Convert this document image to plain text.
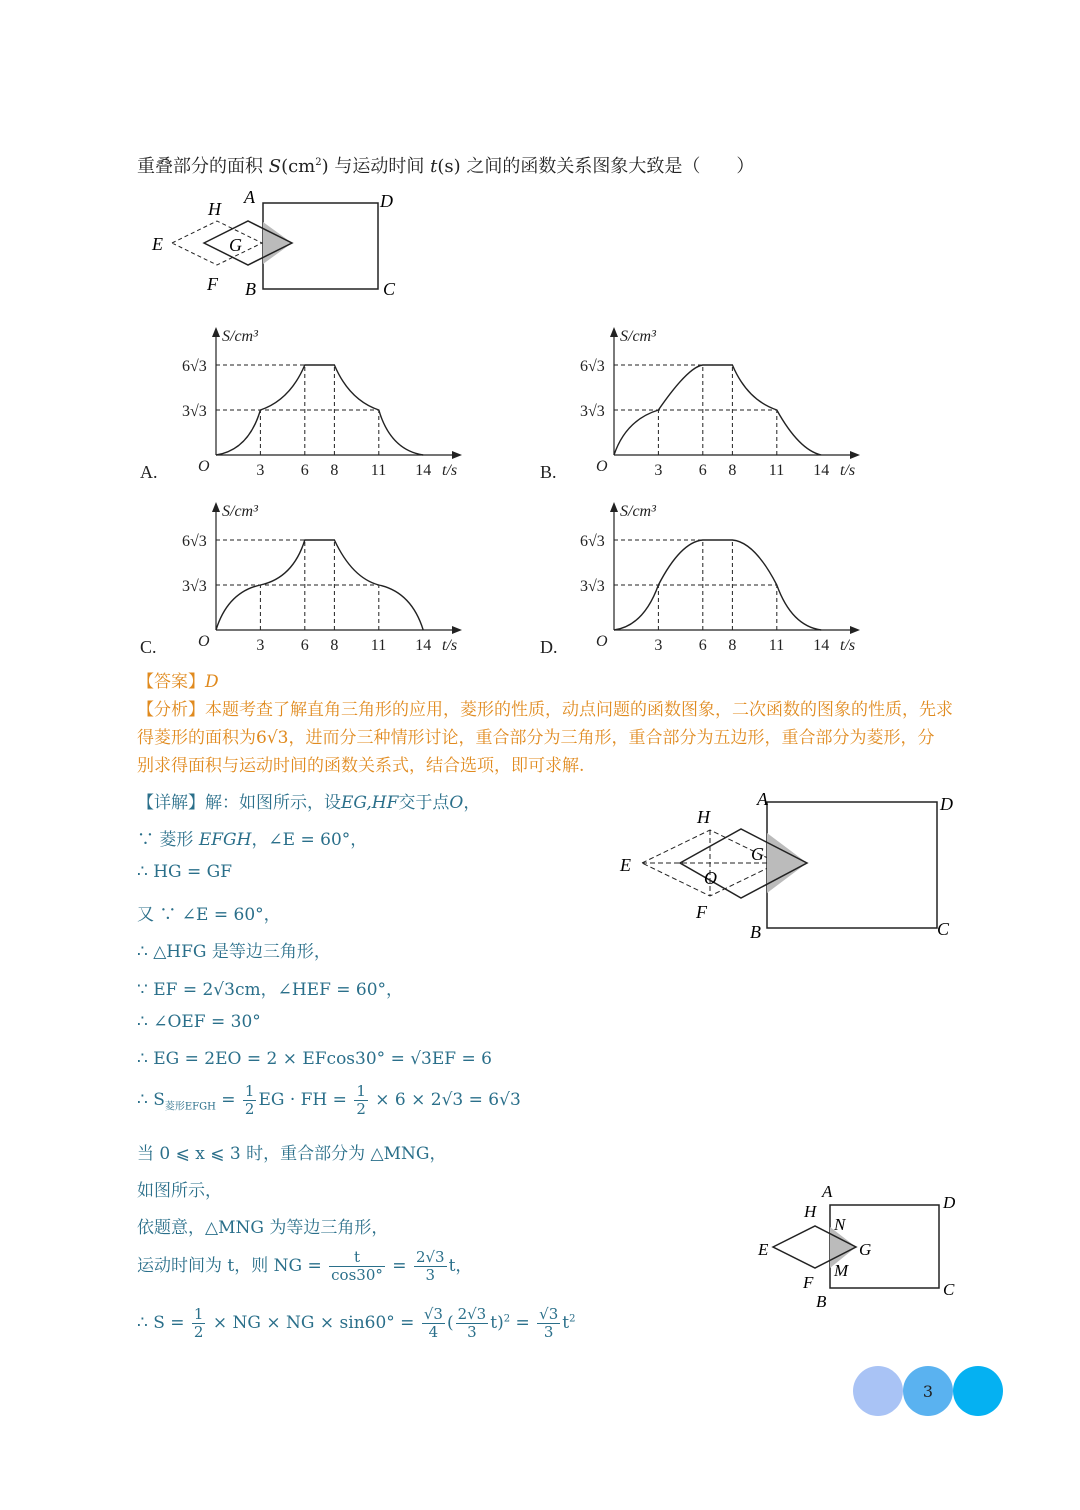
重叠部分的面积 $S(cm^2)$ 与运动时间 t(s) 之间的函数关系图象大致是（　　）
A	D
H
E	G
F B	C
S/cm³
t/s
O
6√3
3√3
3 6 8 11 14
A.
S/cm³
t/s
O
6√3
3√3
3 6 8 11 14
B.
S/cm³
t/s
O
6√3
3√3
3 6 8 11 14
C.
S/cm³
t/s
O
6√3
3√3
3 6 8 11 14
D.
【答案】D
【分析】本题考查了解直角三角形的应用，菱形的性质，动点问题的函数图象，二次函数的图象的性质，先求
得菱形的面积为6√3，进而分三种情形讨论，重合部分为三角形，重合部分为五边形，重合部分为菱形，分
别求得面积与运动时间的函数关系式，结合选项，即可求解.
【详解】解：如图所示，设EG,HF交于点O，
∵ 菱形 EFGH，∠E = 60°，
∴ HG = GF
又 ∵ ∠E = 60°，
∴ △HFG 是等边三角形，
∵ EF = 2√3cm，∠HEF = 60°，
∴ ∠OEF = 30°
∴ EG = 2EO = 2 × EFcos30° = √3EF = 6
∴ $S_{菱形EFGH} = \frac{1}{2}$ EG · FH = $\frac{1}{2} \times 6 \times 2√3 = 6√3$
当 0 ⩽ x ⩽ 3 时，重合部分为 △MNG，
如图所示，
依题意，△MNG 为等边三角形，
运动时间为 t，则 NG = $\frac{t}{\cos 30^\circ} = \frac{2√3}{3}$ t，
∴ $S = \frac{1}{2}$ × NG × NG × $\sin 60^\circ = \frac{√3}{4}$ ( $\frac{2√3}{3} t)^2 = \frac{√3}{3} t^2$
A	D
H
E
G
O
F
B	C
A
D
H
N
E	G
M
F
B
C
3
